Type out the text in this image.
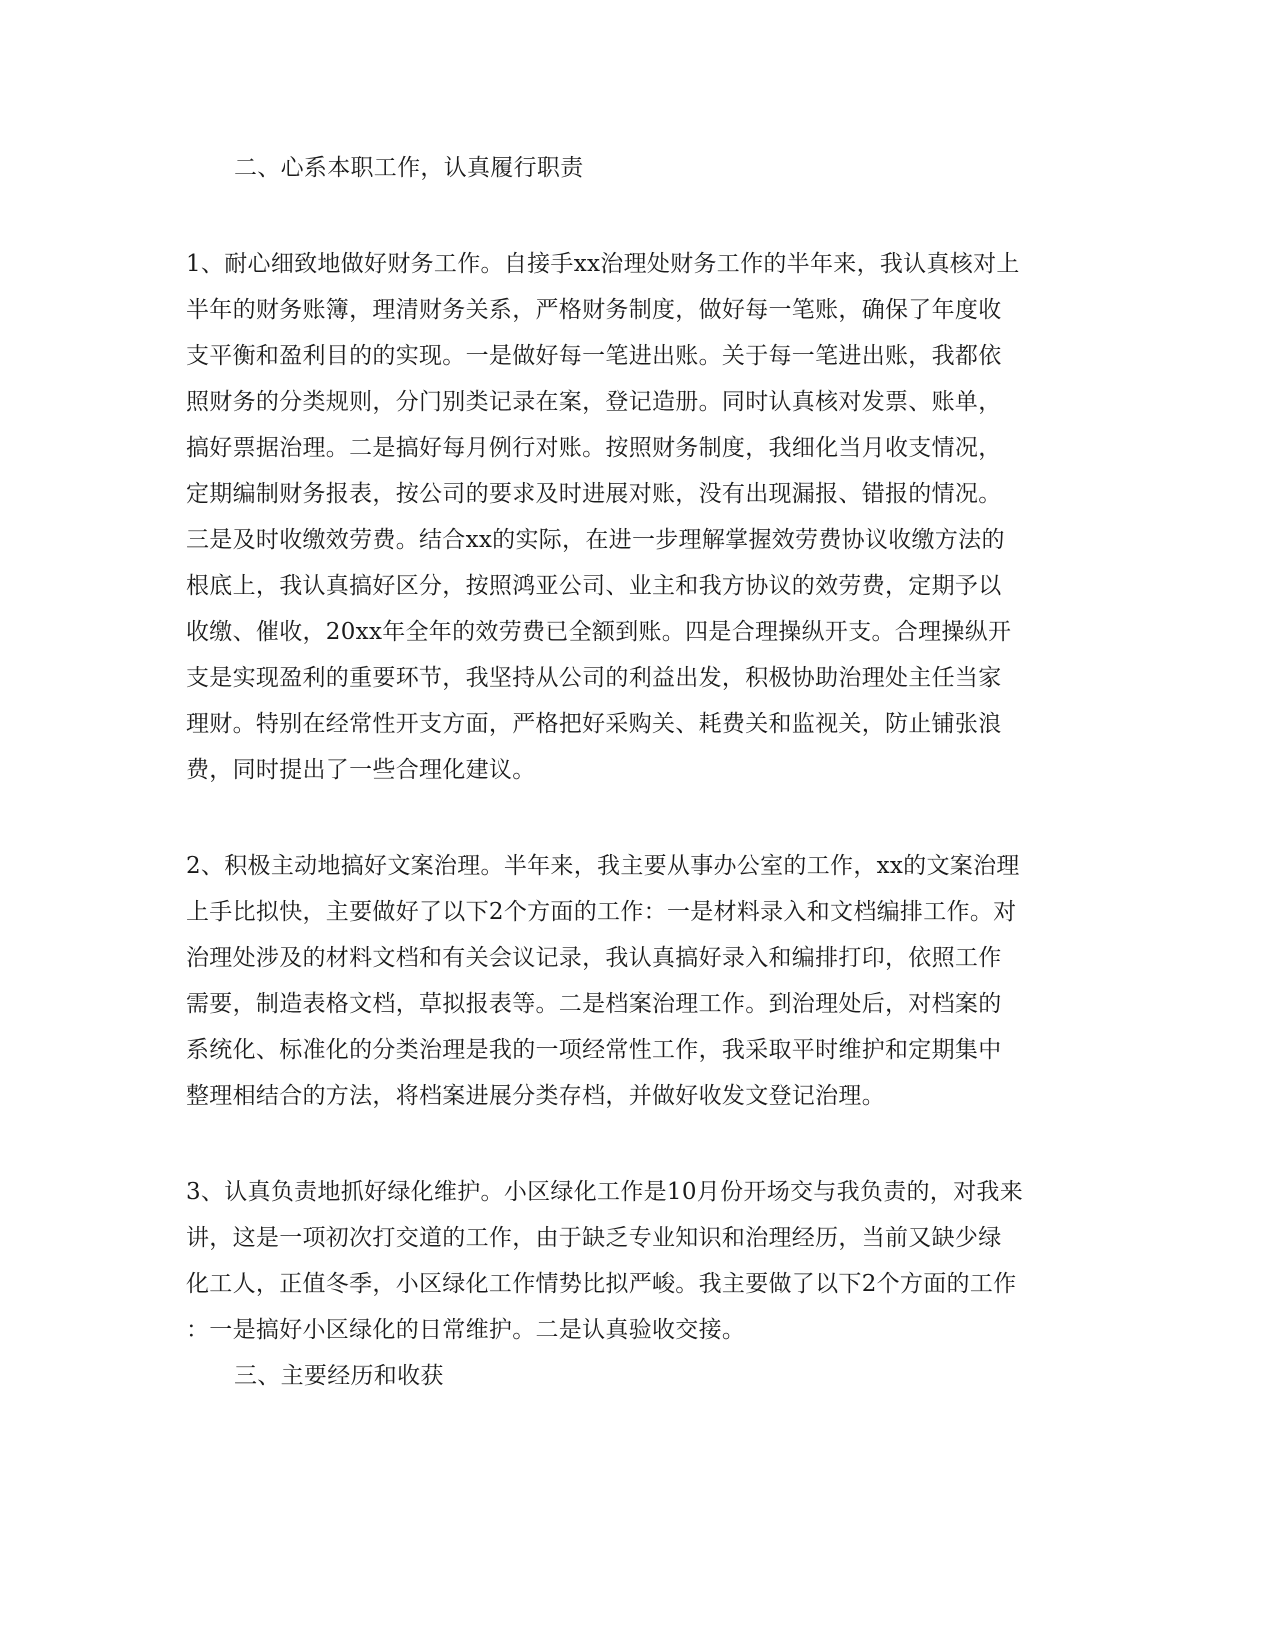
二、心系本职工作，认真履行职责

1、耐心细致地做好财务工作。自接手xx治理处财务工作的半年来，我认真核对上

半年的财务账簿，理清财务关系，严格财务制度，做好每一笔账，确保了年度收

支平衡和盈利目的的实现。一是做好每一笔进出账。关于每一笔进出账，我都依

照财务的分类规则，分门别类记录在案，登记造册。同时认真核对发票、账单，

搞好票据治理。二是搞好每月例行对账。按照财务制度，我细化当月收支情况，

定期编制财务报表，按公司的要求及时进展对账，没有出现漏报、错报的情况。

三是及时收缴效劳费。结合xx的实际，在进一步理解掌握效劳费协议收缴方法的

根底上，我认真搞好区分，按照鸿亚公司、业主和我方协议的效劳费，定期予以

收缴、催收，20xx年全年的效劳费已全额到账。四是合理操纵开支。合理操纵开

支是实现盈利的重要环节，我坚持从公司的利益出发，积极协助治理处主任当家

理财。特别在经常性开支方面，严格把好采购关、耗费关和监视关，防止铺张浪

费，同时提出了一些合理化建议。

2、积极主动地搞好文案治理。半年来，我主要从事办公室的工作，xx的文案治理

上手比拟快，主要做好了以下2个方面的工作：一是材料录入和文档编排工作。对

治理处涉及的材料文档和有关会议记录，我认真搞好录入和编排打印，依照工作

需要，制造表格文档，草拟报表等。二是档案治理工作。到治理处后，对档案的

系统化、标准化的分类治理是我的一项经常性工作，我采取平时维护和定期集中

整理相结合的方法，将档案进展分类存档，并做好收发文登记治理。

3、认真负责地抓好绿化维护。小区绿化工作是10月份开场交与我负责的，对我来

讲，这是一项初次打交道的工作，由于缺乏专业知识和治理经历，当前又缺少绿

化工人，正值冬季，小区绿化工作情势比拟严峻。我主要做了以下2个方面的工作

：一是搞好小区绿化的日常维护。二是认真验收交接。

三、主要经历和收获
